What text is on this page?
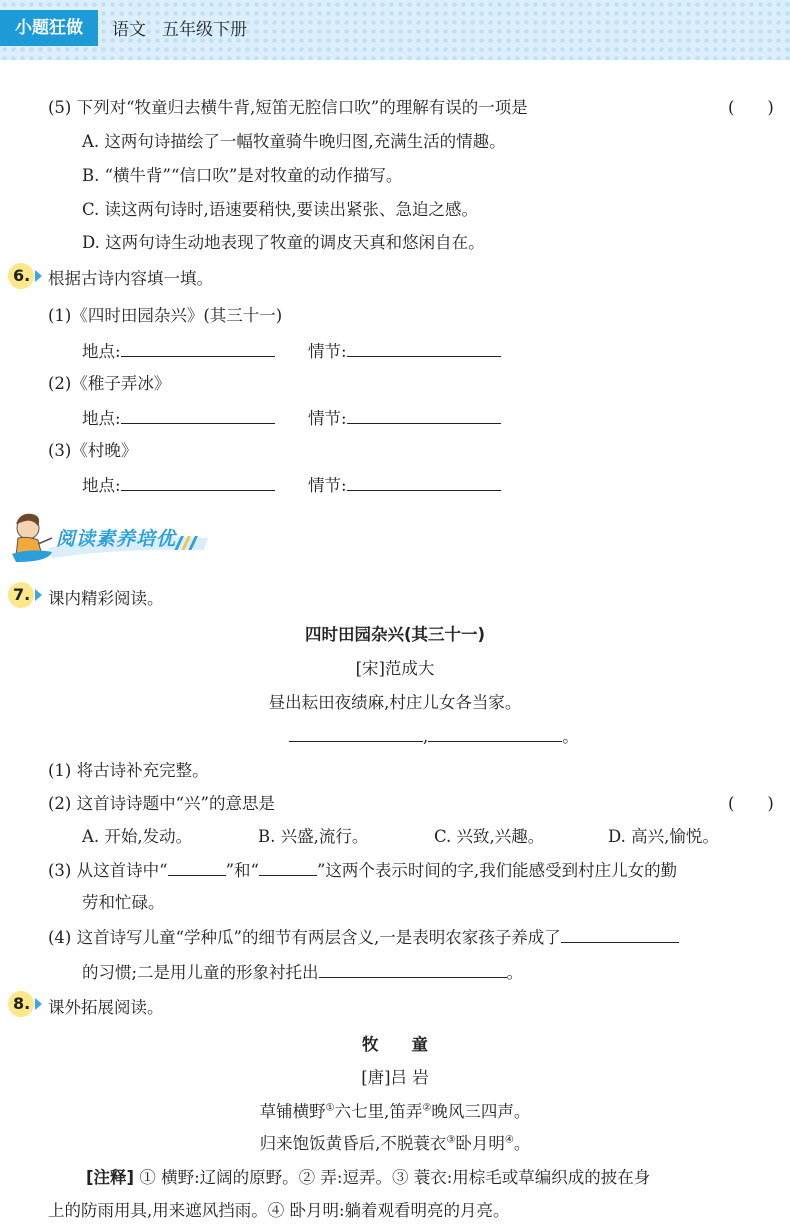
小题狂做	语文 五年级下册
(5) 下列对“牧童归去横牛背,短笛无腔信口吹”的理解有误的一项是	(　　)
A. 这两句诗描绘了一幅牧童骑牛晚归图,充满生活的情趣。
B. “横牛背”“信口吹”是对牧童的动作描写。
C. 读这两句诗时,语速要稍快,要读出紧张、急迫之感。
D. 这两句诗生动地表现了牧童的调皮天真和悠闲自在。
6.	根据古诗内容填一填。
(1)《四时田园杂兴》(其三十一)
地点:	情节:
(2)《稚子弄冰》
地点:	情节:
(3)《村晚》
地点:	情节:
阅读素养培优
7.	课内精彩阅读。
四时田园杂兴(其三十一)
[宋]范成大
昼出耘田夜绩麻,村庄儿女各当家。
,	。
(1) 将古诗补充完整。
(2) 这首诗诗题中“兴”的意思是	(　　)
A. 开始,发动。	B. 兴盛,流行。	C. 兴致,兴趣。	D. 高兴,愉悦。
(3) 从这首诗中“	”和“	”这两个表示时间的字,我们能感受到村庄儿女的勤
劳和忙碌。
(4) 这首诗写儿童“学种瓜”的细节有两层含义,一是表明农家孩子养成了
的习惯;二是用儿童的形象衬托出	。
8.	课外拓展阅读。
牧　　童
[唐]吕 岩
草铺横野①六七里,笛弄②晚风三四声。
归来饱饭黄昏后,不脱蓑衣③卧月明④。
[注释] ① 横野:辽阔的原野。② 弄:逗弄。③ 蓑衣:用棕毛或草编织成的披在身
上的防雨用具,用来遮风挡雨。④ 卧月明:躺着观看明亮的月亮。
